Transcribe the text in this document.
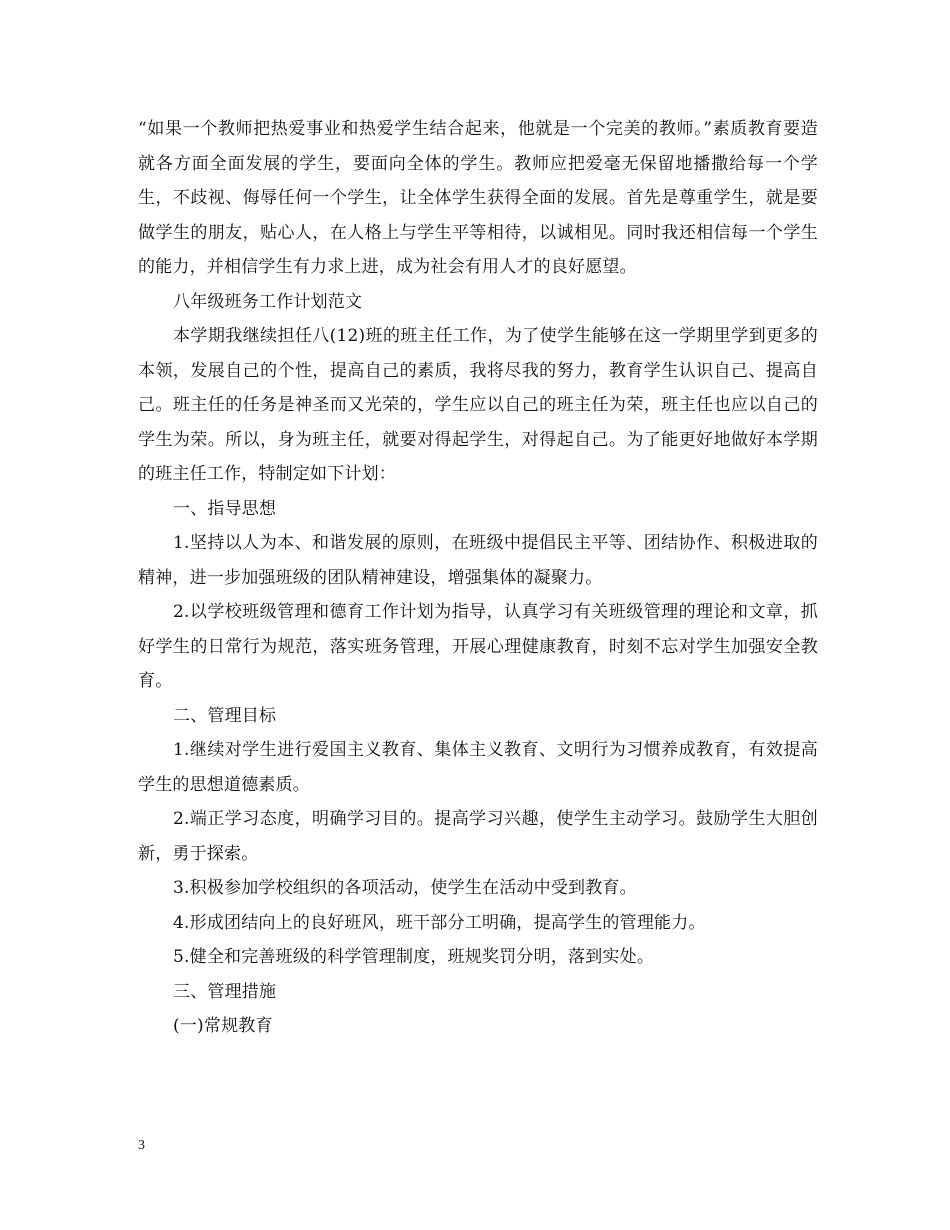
“如果一个教师把热爱事业和热爱学生结合起来，他就是一个完美的教师。”素质教育要造就各方面全面发展的学生，要面向全体的学生。教师应把爱毫无保留地播撒给每一个学生，不歧视、侮辱任何一个学生，让全体学生获得全面的发展。首先是尊重学生，就是要做学生的朋友，贴心人，在人格上与学生平等相待，以诚相见。同时我还相信每一个学生的能力，并相信学生有力求上进，成为社会有用人才的良好愿望。

八年级班务工作计划范文

本学期我继续担任八(12)班的班主任工作，为了使学生能够在这一学期里学到更多的本领，发展自己的个性，提高自己的素质，我将尽我的努力，教育学生认识自己、提高自己。班主任的任务是神圣而又光荣的，学生应以自己的班主任为荣，班主任也应以自己的学生为荣。所以，身为班主任，就要对得起学生，对得起自己。为了能更好地做好本学期的班主任工作，特制定如下计划：

一、指导思想

1.坚持以人为本、和谐发展的原则，在班级中提倡民主平等、团结协作、积极进取的精神，进一步加强班级的团队精神建设，增强集体的凝聚力。

2.以学校班级管理和德育工作计划为指导，认真学习有关班级管理的理论和文章，抓好学生的日常行为规范，落实班务管理，开展心理健康教育，时刻不忘对学生加强安全教育。

二、管理目标

1.继续对学生进行爱国主义教育、集体主义教育、文明行为习惯养成教育，有效提高学生的思想道德素质。

2.端正学习态度，明确学习目的。提高学习兴趣，使学生主动学习。鼓励学生大胆创新，勇于探索。

3.积极参加学校组织的各项活动，使学生在活动中受到教育。

4.形成团结向上的良好班风，班干部分工明确，提高学生的管理能力。

5.健全和完善班级的科学管理制度，班规奖罚分明，落到实处。

三、管理措施

(一)常规教育

3
